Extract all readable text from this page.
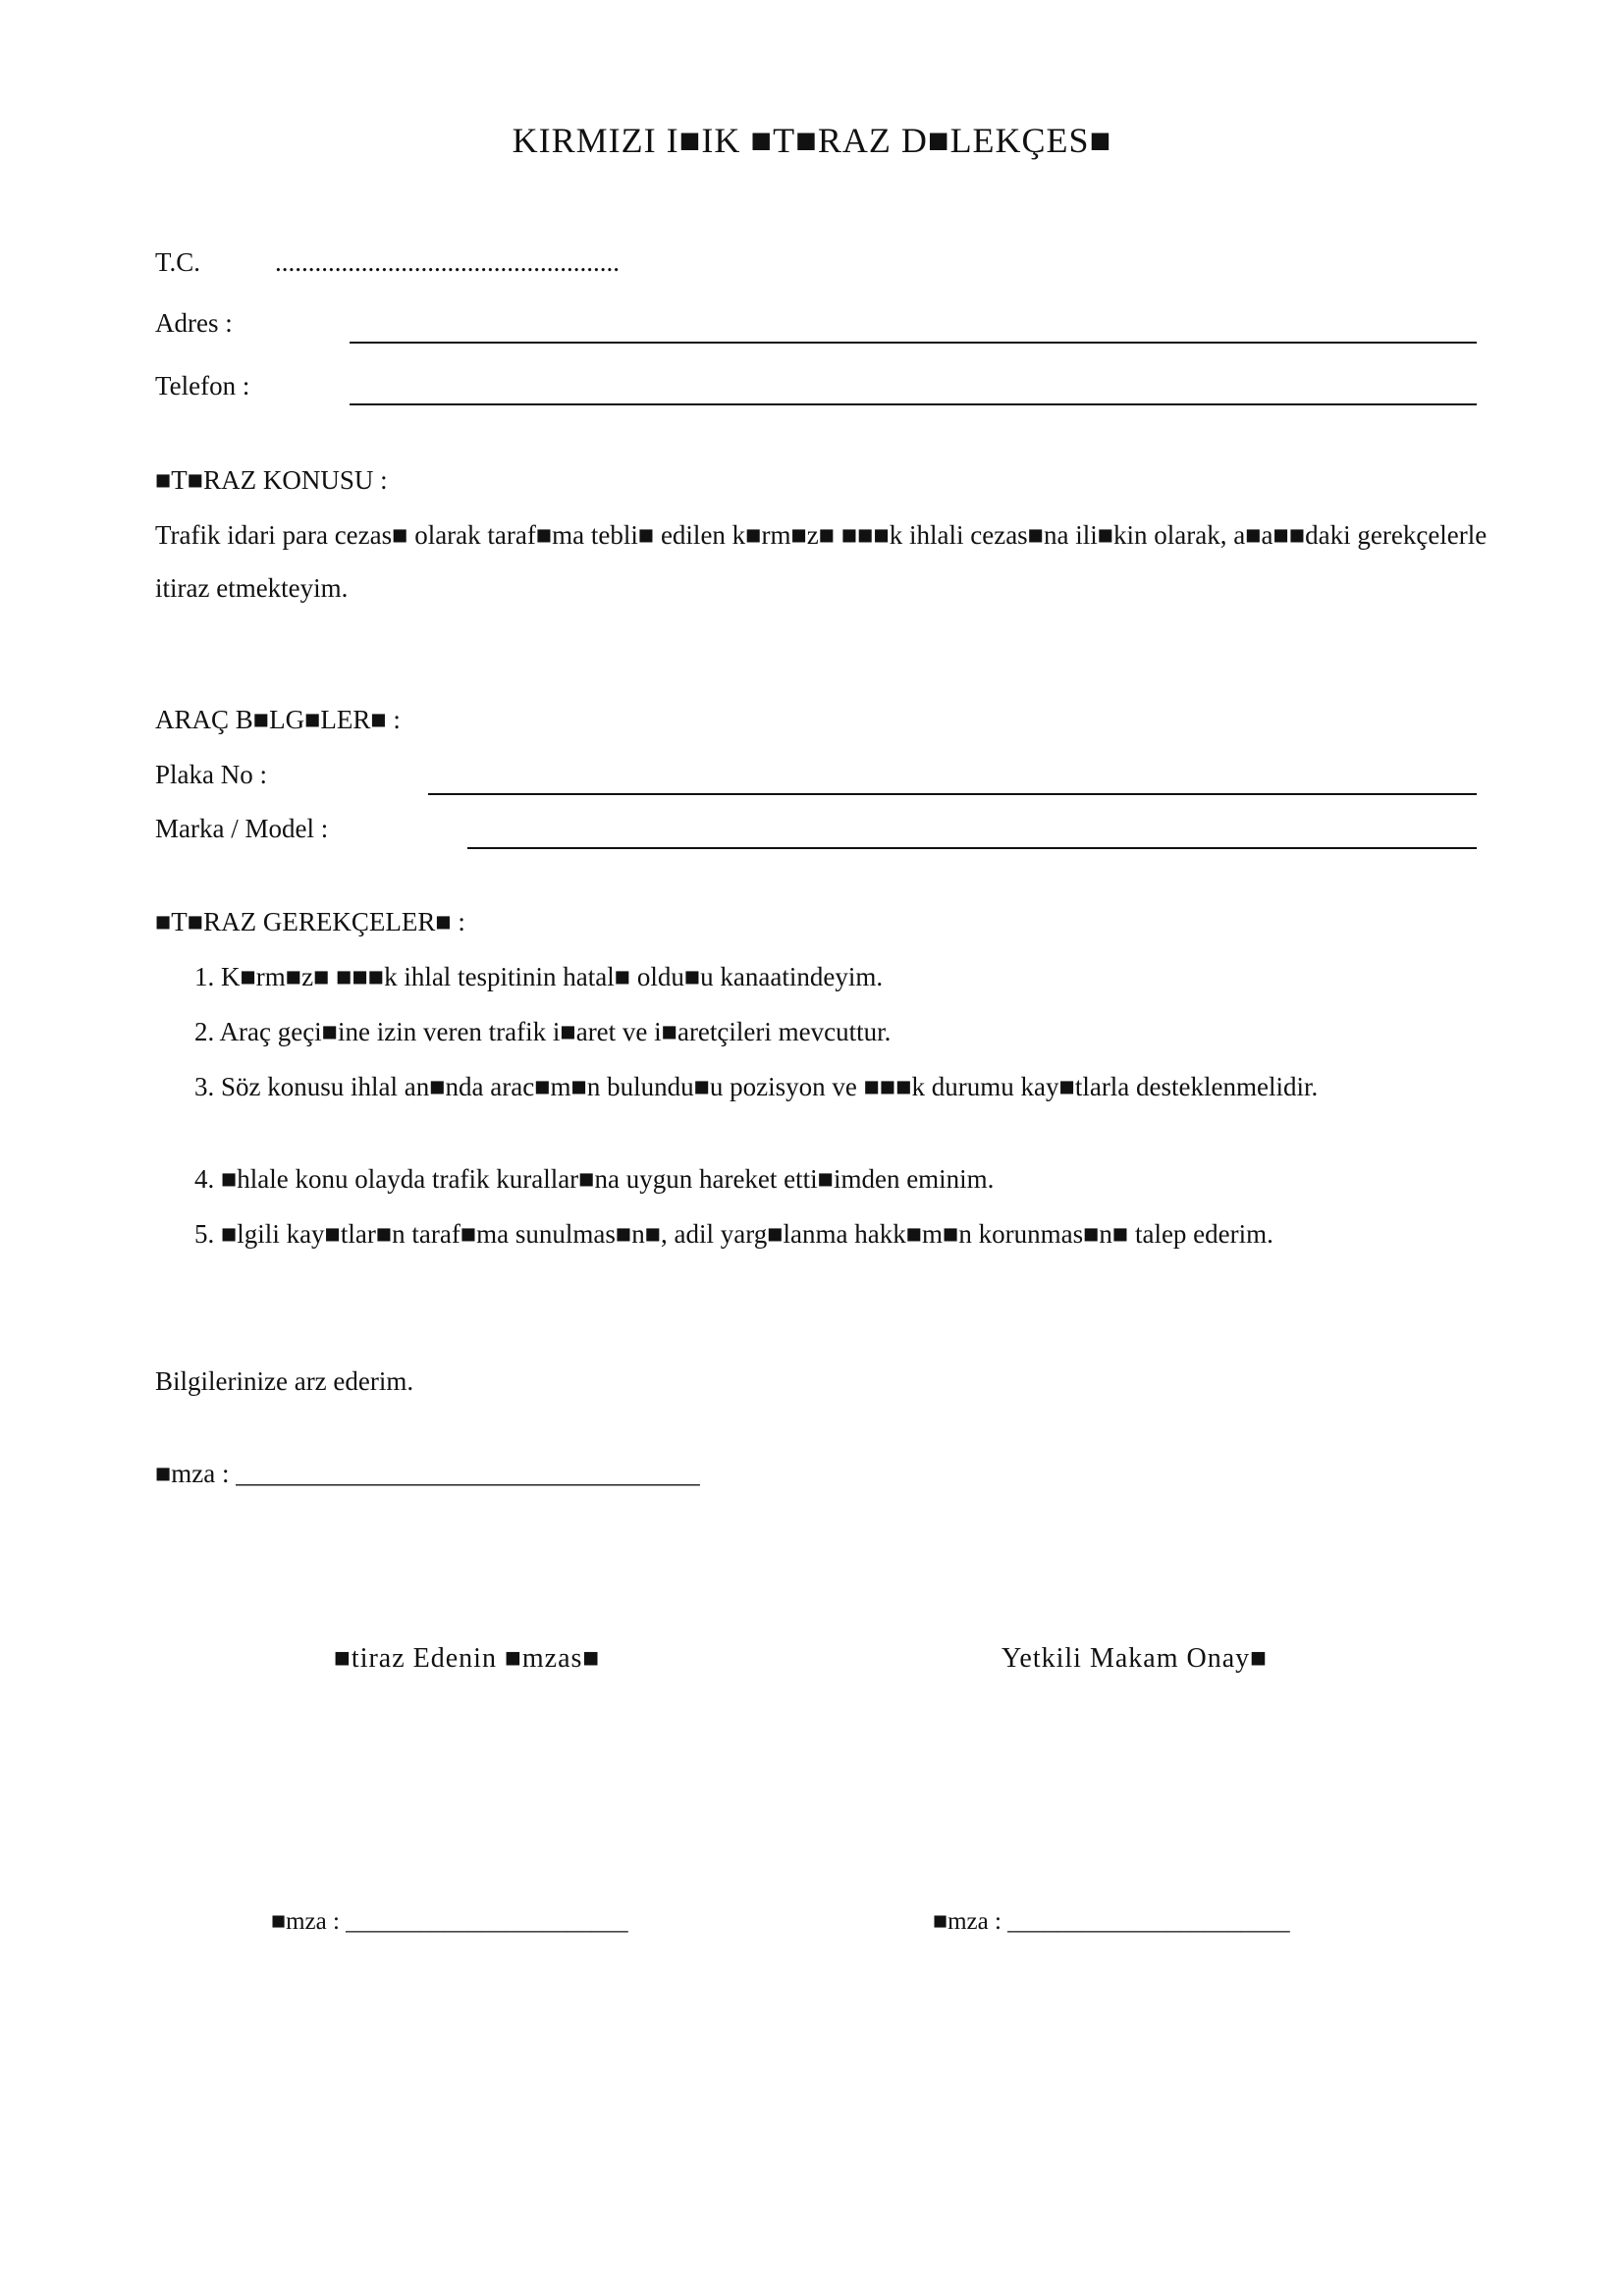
KIRMIZI I■IK ■T■RAZ D■LEKÇES■
T.C.	....................................................
Adres :
Telefon :
■T■RAZ KONUSU :
Trafik idari para cezas■ olarak taraf■ma tebli■ edilen k■rm■z■ ■■■k ihlali cezas■na ili■kin olarak, a■a■■daki gerekçelerle itiraz etmekteyim.
ARAÇ B■LG■LER■ :
Plaka No :
Marka / Model :
■T■RAZ GEREKÇELER■ :
1. K■rm■z■ ■■■k ihlal tespitinin hatal■ oldu■u kanaatindeyim.
2. Araç geçi■ine izin veren trafik i■aret ve i■aretçileri mevcuttur.
3. Söz konusu ihlal an■nda arac■m■n bulundu■u pozisyon ve ■■■k durumu kay■tlarla desteklenmelidir.
4. ■hlale konu olayda trafik kurallar■na uygun hareket etti■imden eminim.
5. ■lgili kay■tlar■n taraf■ma sunulmas■n■, adil yarg■lanma hakk■m■n korunmas■n■ talep ederim.
Bilgilerinize arz ederim.
■mza : ___________________________________
■tiraz Edenin ■mzas■	Yetkili Makam Onay■
■mza : _______________________	■mza : _______________________
